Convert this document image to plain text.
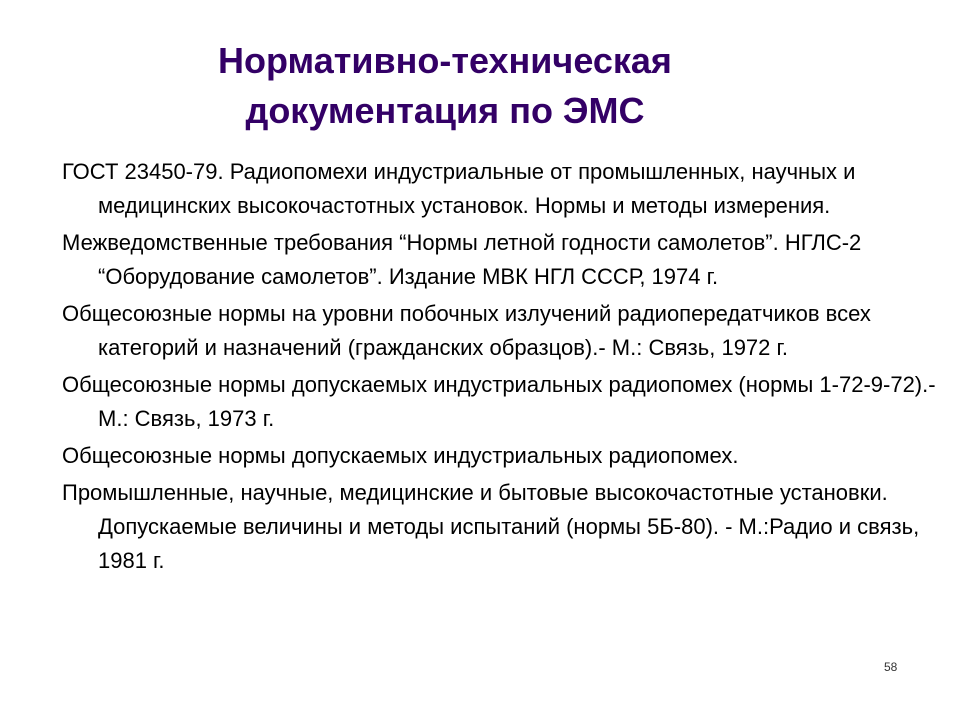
Нормативно-техническая
документация по ЭМС
ГОСТ 23450-79. Радиопомехи индустриальные от промышленных, научных и медицинских высокочастотных установок. Нормы и методы измерения.
Межведомственные требования “Нормы летной годности самолетов”. НГЛС-2 “Оборудование самолетов”. Издание МВК НГЛ СССР, 1974 г.
Общесоюзные нормы на уровни побочных излучений радиопередатчиков всех категорий и назначений (гражданских образцов).- М.: Связь, 1972 г.
Общесоюзные нормы допускаемых индустриальных радиопомех (нормы 1-72-9-72).- М.: Связь, 1973 г.
Общесоюзные нормы допускаемых индустриальных радиопомех.
Промышленные, научные, медицинские и бытовые высокочастотные установки. Допускаемые величины и методы испытаний (нормы 5Б-80). - М.:Радио и связь, 1981 г.
58
